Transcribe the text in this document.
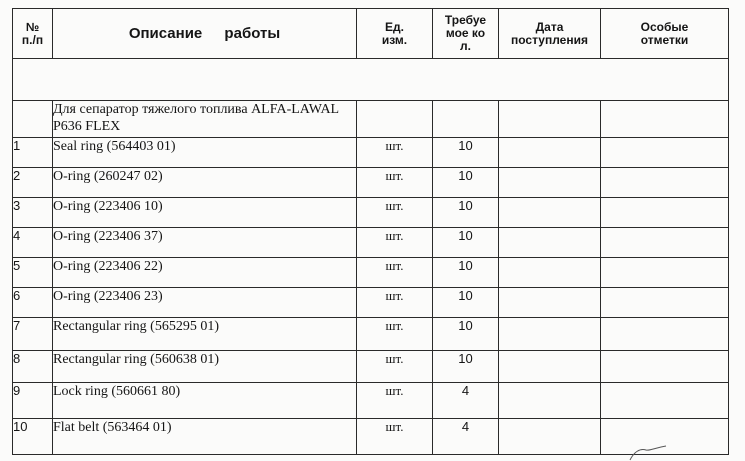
№ п./п	Описание работы	Ед. изм.	Требуемое кол.	Дата поступления	Особые отметки

	Для сепаратор тяжелого топлива ALFA-LAWAL P636 FLEX				
1	Seal ring (564403 01)	шт.	10		
2	O-ring (260247 02)	шт.	10		
3	O-ring (223406 10)	шт.	10		
4	O-ring (223406 37)	шт.	10		
5	O-ring (223406 22)	шт.	10		
6	O-ring (223406 23)	шт.	10		
7	Rectangular ring (565295 01)	шт.	10		
8	Rectangular ring (560638 01)	шт.	10		
9	Lock ring (560661 80)	шт.	4		
10	Flat belt (563464 01)	шт.	4		
